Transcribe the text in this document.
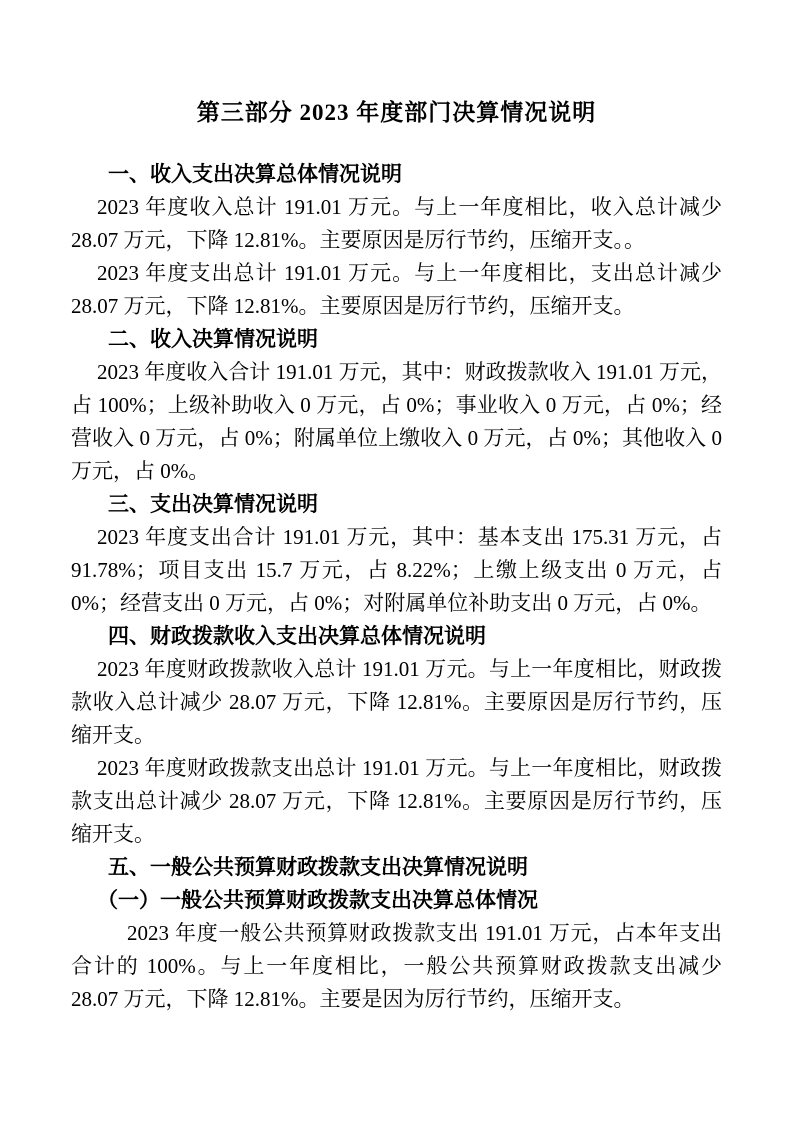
第三部分 2023 年度部门决算情况说明

一、收入支出决算总体情况说明

2023 年度收入总计 191.01 万元。与上一年度相比，收入总计减少 28.07 万元，下降 12.81%。主要原因是厉行节约，压缩开支。。

2023 年度支出总计 191.01 万元。与上一年度相比，支出总计减少 28.07 万元，下降 12.81%。主要原因是厉行节约，压缩开支。

二、收入决算情况说明

2023 年度收入合计 191.01 万元，其中：财政拨款收入 191.01 万元，占 100%；上级补助收入 0 万元，占 0%；事业收入 0 万元，占 0%；经营收入 0 万元，占 0%；附属单位上缴收入 0 万元，占 0%；其他收入 0 万元，占 0%。

三、支出决算情况说明

2023 年度支出合计 191.01 万元，其中：基本支出 175.31 万元，占 91.78%；项目支出 15.7 万元，占 8.22%；上缴上级支出 0 万元，占 0%；经营支出 0 万元，占 0%；对附属单位补助支出 0 万元，占 0%。

四、财政拨款收入支出决算总体情况说明

2023 年度财政拨款收入总计 191.01 万元。与上一年度相比，财政拨款收入总计减少 28.07 万元，下降 12.81%。主要原因是厉行节约，压缩开支。

2023 年度财政拨款支出总计 191.01 万元。与上一年度相比，财政拨款支出总计减少 28.07 万元，下降 12.81%。主要原因是厉行节约，压缩开支。

五、一般公共预算财政拨款支出决算情况说明

（一）一般公共预算财政拨款支出决算总体情况

2023 年度一般公共预算财政拨款支出 191.01 万元，占本年支出合计的 100%。与上一年度相比，一般公共预算财政拨款支出减少 28.07 万元，下降 12.81%。主要是因为厉行节约，压缩开支。
